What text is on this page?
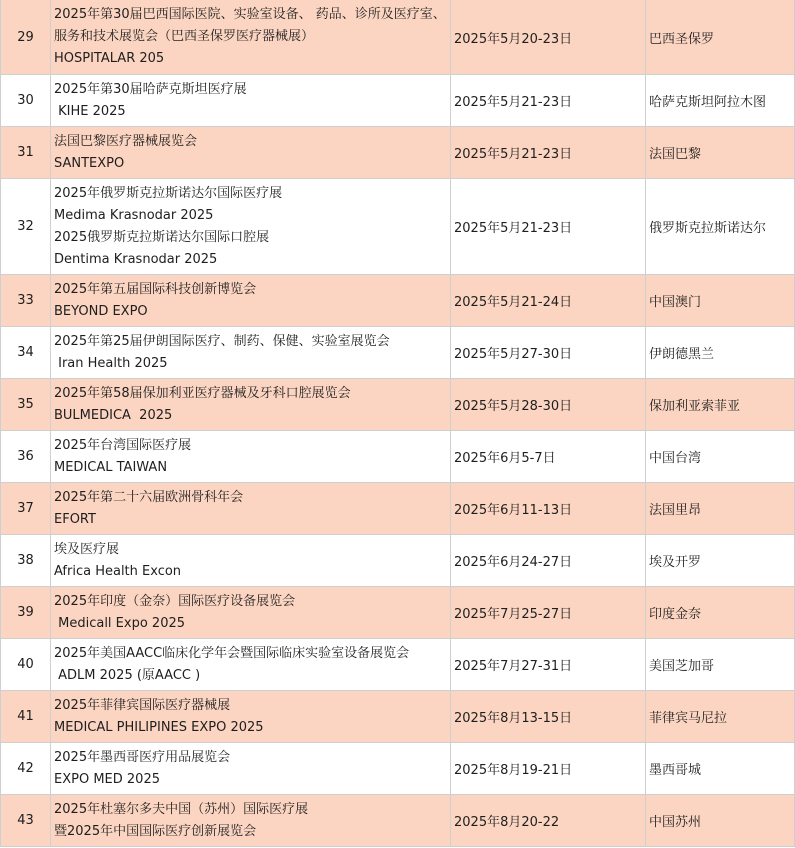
29	2025年第30届巴西国际医院、实验室设备、 药品、诊所及医疗室、
服务和技术展览会（巴西圣保罗医疗器械展）
HOSPITALAR 205	2025年5月20-23日	巴西圣保罗
30	2025年第30届哈萨克斯坦医疗展
KIHE 2025	2025年5月21-23日	哈萨克斯坦阿拉木图
31	法国巴黎医疗器械展览会
SANTEXPO	2025年5月21-23日	法国巴黎
32	2025年俄罗斯克拉斯诺达尔国际医疗展
Medima Krasnodar 2025
2025俄罗斯克拉斯诺达尔国际口腔展
Dentima Krasnodar 2025	2025年5月21-23日	俄罗斯克拉斯诺达尔
33	2025年第五届国际科技创新博览会
BEYOND EXPO	2025年5月21-24日	中国澳门
34	2025年第25届伊朗国际医疗、制药、保健、实验室展览会
Iran Health 2025	2025年5月27-30日	伊朗德黑兰
35	2025年第58届保加利亚医疗器械及牙科口腔展览会
BULMEDICA  2025	2025年5月28-30日	保加利亚索菲亚
36	2025年台湾国际医疗展
MEDICAL TAIWAN	2025年6月5-7日	中国台湾
37	2025年第二十六届欧洲骨科年会
EFORT	2025年6月11-13日	法国里昂
38	埃及医疗展
Africa Health Excon	2025年6月24-27日	埃及开罗
39	2025年印度（金奈）国际医疗设备展览会
Medicall Expo 2025	2025年7月25-27日	印度金奈
40	2025年美国AACC临床化学年会暨国际临床实验室设备展览会
ADLM 2025 (原AACC )	2025年7月27-31日	美国芝加哥
41	2025年菲律宾国际医疗器械展
MEDICAL PHILIPINES EXPO 2025	2025年8月13-15日	菲律宾马尼拉
42	2025年墨西哥医疗用品展览会
EXPO MED 2025	2025年8月19-21日	墨西哥城
43	2025年杜塞尔多夫中国（苏州）国际医疗展
暨2025年中国国际医疗创新展览会	2025年8月20-22	中国苏州
